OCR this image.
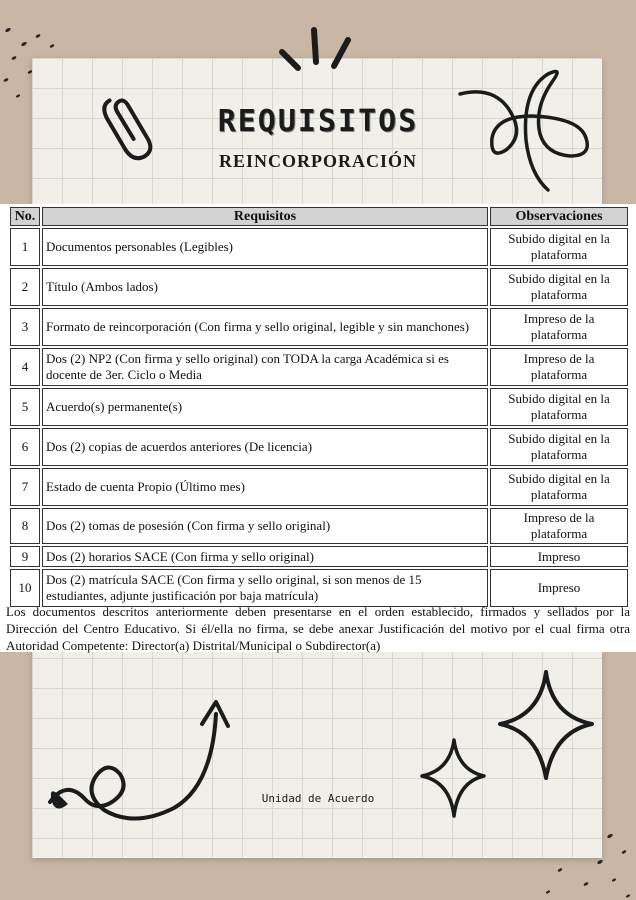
REQUISITOS
REINCORPORACIÓN
No.	Requisitos	Observaciones
1	Documentos personables (Legibles)	Subido digital en la plataforma
2	Título (Ambos lados)	Subido digital en la plataforma
3	Formato de reincorporación (Con firma y sello original, legible y sin manchones)	Impreso de la plataforma
4	Dos (2) NP2 (Con firma y sello original) con TODA la carga Académica si es docente de 3er. Ciclo o Media	Impreso de la plataforma
5	Acuerdo(s) permanente(s)	Subido digital en la plataforma
6	Dos (2) copias de acuerdos anteriores (De licencia)	Subido digital en la plataforma
7	Estado de cuenta Propio (Último mes)	Subido digital en la plataforma
8	Dos (2) tomas de posesión (Con firma y sello original)	Impreso de la plataforma
9	Dos (2) horarios SACE (Con firma y sello original)	Impreso
10	Dos (2) matrícula SACE (Con firma y sello original, si son menos de 15 estudiantes, adjunte justificación por baja matrícula)	Impreso

Los documentos descritos anteriormente deben presentarse en el orden establecido, firmados y sellados por la Dirección del Centro Educativo. Si él/ella no firma, se debe anexar Justificación del motivo por el cual firma otra Autoridad Competente: Director(a) Distrital/Municipal o Subdirector(a)

Unidad de Acuerdo
